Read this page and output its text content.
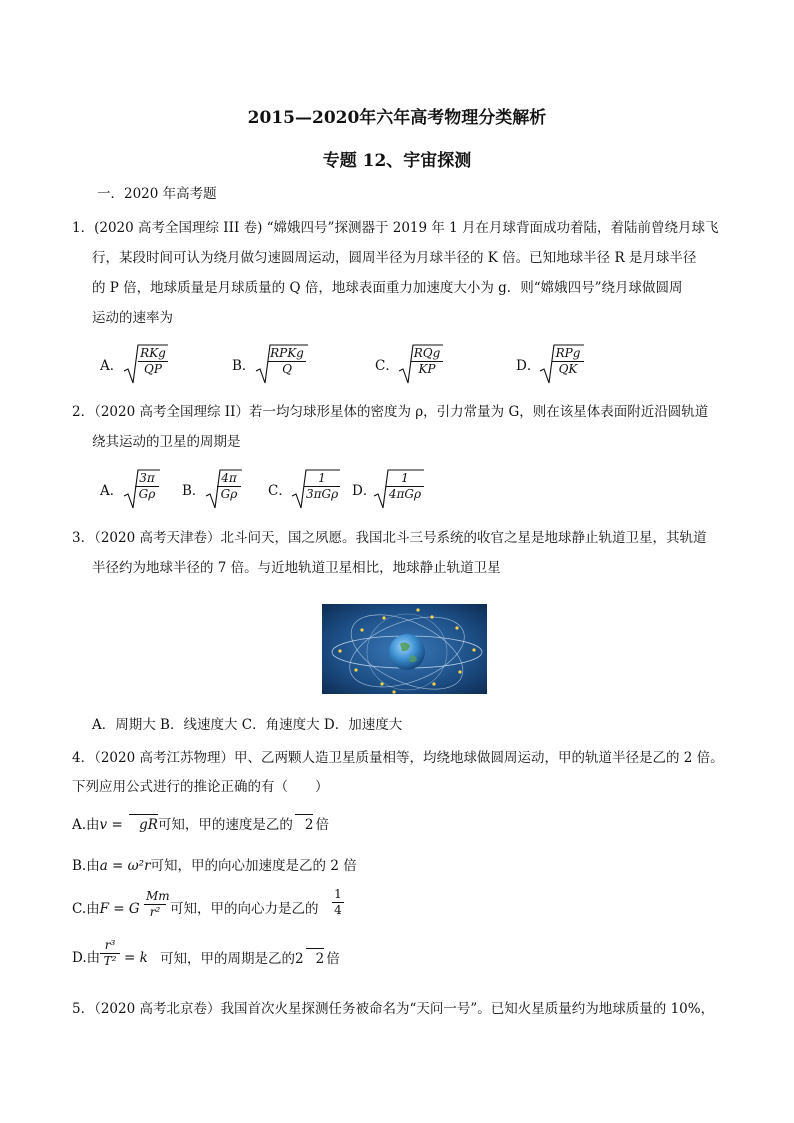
2015—2020年六年高考物理分类解析
专题 12、宇宙探测
一．2020 年高考题
1．(2020 高考全国理综 III 卷) “嫦娥四号”探测器于 2019 年 1 月在月球背面成功着陆，着陆前曾绕月球飞
行，某段时间可认为绕月做匀速圆周运动，圆周半径为月球半径的 K 倍。已知地球半径 R 是月球半径
的 P 倍，地球质量是月球质量的 Q 倍，地球表面重力加速度大小为 g．则“嫦娥四号”绕月球做圆周
运动的速率为
A．
RKg
QP	B．
RPKg
Q	C．
RQg
KP	D．
RPg
QK
2．（2020 高考全国理综 II）若一均匀球形星体的密度为 ρ，引力常量为 G，则在该星体表面附近沿圆轨道
绕其运动的卫星的周期是
A． $\frac{3\pi}{G\rho}$ B． $\frac{4\pi}{G\rho}$ C．
1
3πGρ D．
1
4πGρ
3．（2020 高考天津卷）北斗问天，国之夙愿。我国北斗三号系统的收官之星是地球静止轨道卫星，其轨道
半径约为地球半径的 7 倍。与近地轨道卫星相比，地球静止轨道卫星
A．周期大 B．线速度大 C．角速度大 D．加速度大
4．（2020 高考江苏物理）甲、乙两颗人造卫星质量相等，均绕地球做圆周运动，甲的轨道半径是乙的 2 倍。
下列应用公式进行的推论正确的有（　　）
A.由v = gR可知，甲的速度是乙的 2 倍
B.由a = ω²r可知，甲的向心加速度是乙的 2 倍
C.由F = G $\frac{Mm}{\text{r²}}$ 可知，甲的向心力是乙的 $\frac{1}{4}$
D.由 $\frac{\text{r³}}{\text{T²}} = k$ 可知，甲的周期是乙的2 2 倍
5．（2020 高考北京卷）我国首次火星探测任务被命名为“天问一号”。已知火星质量约为地球质量的 10%，
